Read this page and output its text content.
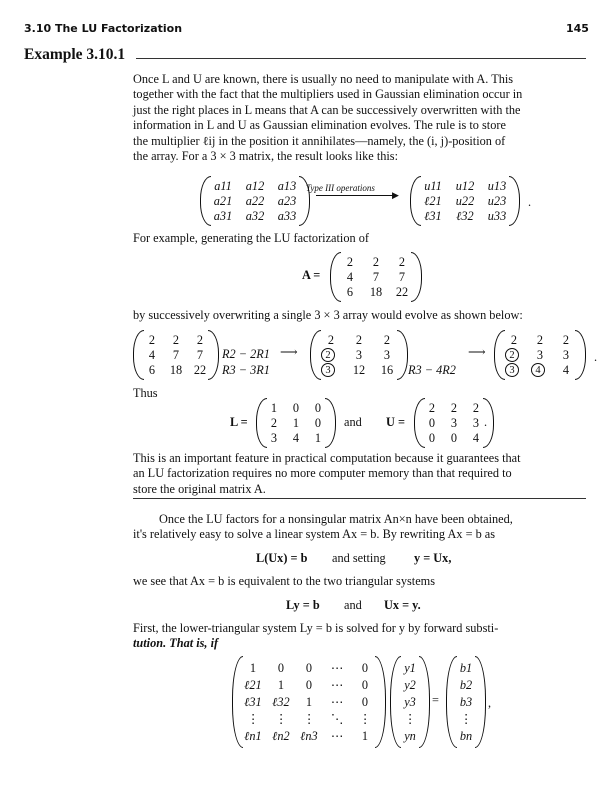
3.10 The LU Factorization	145
Example 3.10.1
Once L and U are known, there is usually no need to manipulate with A. This
together with the fact that the multipliers used in Gaussian elimination occur in
just the right places in L means that A can be successively overwritten with the
information in L and U as Gaussian elimination evolves. The rule is to store
the multiplier ℓij in the position it annihilates—namely, the (i, j)-position of
the array. For a 3 × 3 matrix, the result looks like this:
a11 a12 a13
a21 a22 a23
a31 a32 a33
Type III operations
▶
u11 u12 u13
ℓ21 u22 u23
ℓ31 ℓ32 u33
.
For example, generating the LU factorization of
A =
2	2	2
4	7	7
6	18 22
by successively overwriting a single 3 × 3 array would evolve as shown below:
2	2	2
4	7	7
6	18 22
R2 − 2R1 ⟶
R3 − 3R1
2	2	2
2	3	3
3	12	16	R3 − 4R2
⟶
2	2	2
2	3	3
3	4	4
.
Thus
L =
1	0	0
2	1	0
3	4	1
and U =
2	2	2
0	3	3
0	0	4
.
This is an important feature in practical computation because it guarantees that
an LU factorization requires no more computer memory than that required to
store the original matrix A.
Once the LU factors for a nonsingular matrix An×n have been obtained,
it's relatively easy to solve a linear system Ax = b. By rewriting Ax = b as
L(Ux) = b and setting y = Ux,
we see that Ax = b is equivalent to the two triangular systems
Ly = b and Ux = y.
First, the lower-triangular system Ly = b is solved for y by forward substi-
tution. That is, if
1	0	0	⋯	0
ℓ21	1	0	⋯	0
ℓ31 ℓ32	1	⋯	0
⋮	⋮	⋮	⋱	⋮
ℓn1 ℓn2 ℓn3	⋯	1
y1
y2
y3
⋮
yn
=
b1
b2
b3
⋮
bn
,
